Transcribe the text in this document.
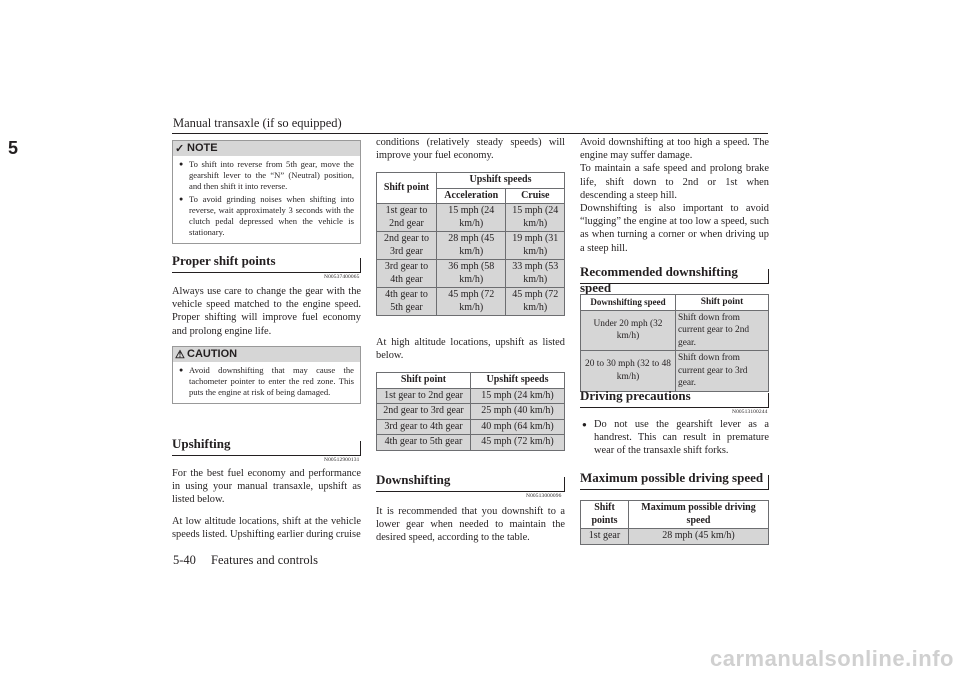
Manual transaxle (if so equipped)
5	✓ NOTE
● To shift into reverse from 5th gear, move the gearshift lever to the “N” (Neutral) position, and then shift it into reverse.
● To avoid grinding noises when shifting into reverse, wait approximately 3 seconds with the clutch pedal depressed when the vehicle is stationary.
Proper shift points
N00537400065

Always use care to change the gear with the vehicle speed matched to the engine speed. Proper shifting will improve fuel economy and prolong engine life.

⚠ CAUTION
● Avoid downshifting that may cause the tachometer pointer to enter the red zone. This puts the engine at risk of being damaged.
Upshifting
N00512900131

For the best fuel economy and performance in using your manual transaxle, upshift as listed below.

At low altitude locations, shift at the vehicle speeds listed. Upshifting earlier during cruise

conditions (relatively steady speeds) will improve your fuel economy.

Shift point	Upshift speeds	
	Acceleration	Cruise
1st gear to 2nd gear	15 mph (24 km/h)	15 mph (24 km/h)
2nd gear to 3rd gear	28 mph (45 km/h)	19 mph (31 km/h)
3rd gear to 4th gear	36 mph (58 km/h)	33 mph (53 km/h)
4th gear to 5th gear	45 mph (72 km/h)	45 mph (72 km/h)

At high altitude locations, upshift as listed below.

Shift point	Upshift speeds
1st gear to 2nd gear	15 mph (24 km/h)
2nd gear to 3rd gear	25 mph (40 km/h)
3rd gear to 4th gear	40 mph (64 km/h)
4th gear to 5th gear	45 mph (72 km/h)
Downshifting
N00513000096

It is recommended that you downshift to a lower gear when needed to maintain the desired speed, according to the table.

Avoid downshifting at too high a speed. The engine may suffer damage.
To maintain a safe speed and prolong brake life, shift down to 2nd or 1st when descending a steep hill.
Downshifting is also important to avoid “lugging” the engine at too low a speed, such as when turning a corner or when driving up a steep hill.
Recommended downshifting speed
Downshifting speed	Shift point
Under 20 mph (32 km/h)	Shift down from current gear to 2nd gear.
20 to 30 mph (32 to 48 km/h)	Shift down from current gear to 3rd gear.
Driving precautions
N00513100244
● Do not use the gearshift lever as a handrest. This can result in premature wear of the transaxle shift forks.
Maximum possible driving speed
Shift points	Maximum possible driving speed
1st gear	28 mph (45 km/h)
5-40 Features and controls
carmanualsonline.info
